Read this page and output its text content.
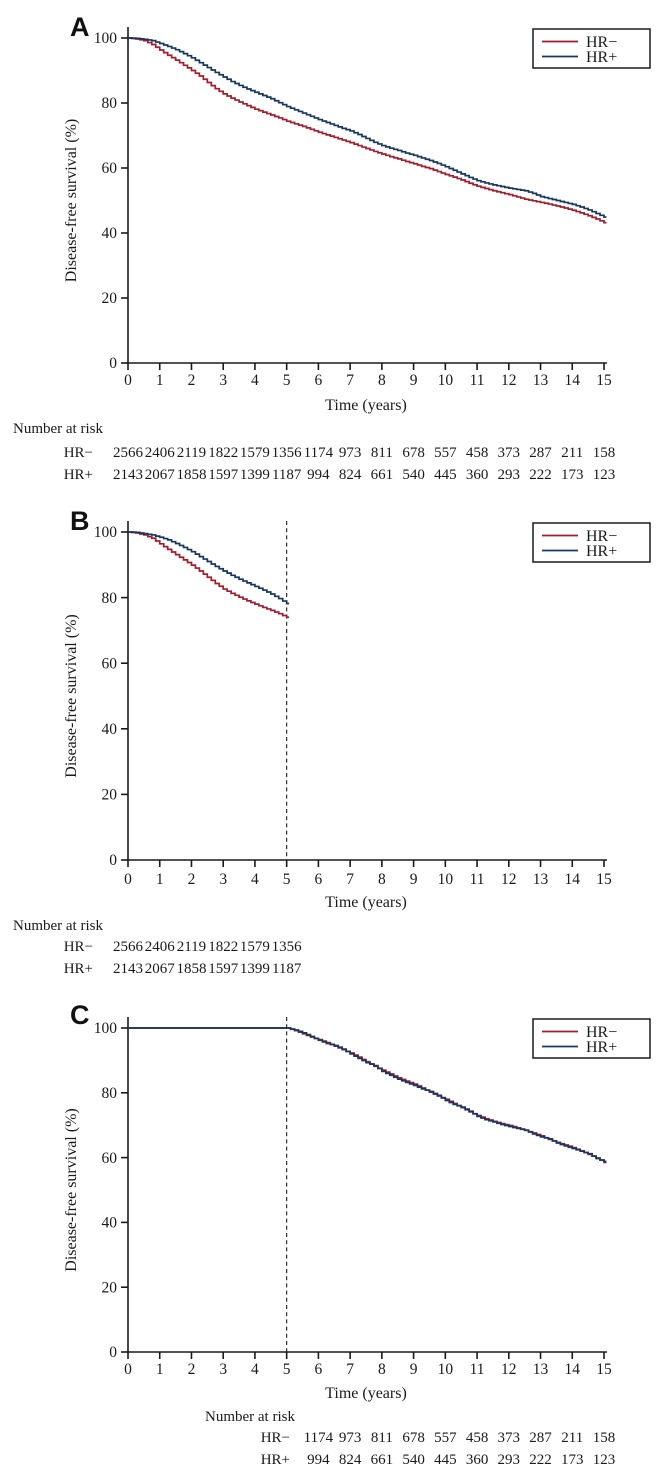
A
0
20
40
60
80
100
0 1 2 3 4 5 6 7 8 9 10 11 12 13 14 15
Disease-free survival (%)
Time (years)
HR−
HR+
Number at risk
HR− 2566 2406 2119 1822 1579 1356 1174 973 811 678 557 458 373 287 211 158
HR+ 2143 2067 1858 1597 1399 1187 994 824 661 540 445 360 293 222 173 123
B
0
20
40
60
80
100
0 1 2 3 4 5 6 7 8 9 10 11 12 13 14 15
Disease-free survival (%)
Time (years)
HR−
HR+
Number at risk
HR− 2566 2406 2119 1822 1579 1356
HR+ 2143 2067 1858 1597 1399 1187
C
0
20
40
60
80
100
0 1 2 3 4 5 6 7 8 9 10 11 12 13 14 15
Disease-free survival (%)
Time (years)
HR−
HR+
Number at risk
HR− 1174 973 811 678 557 458 373 287 211 158
HR+ 994 824 661 540 445 360 293 222 173 123
